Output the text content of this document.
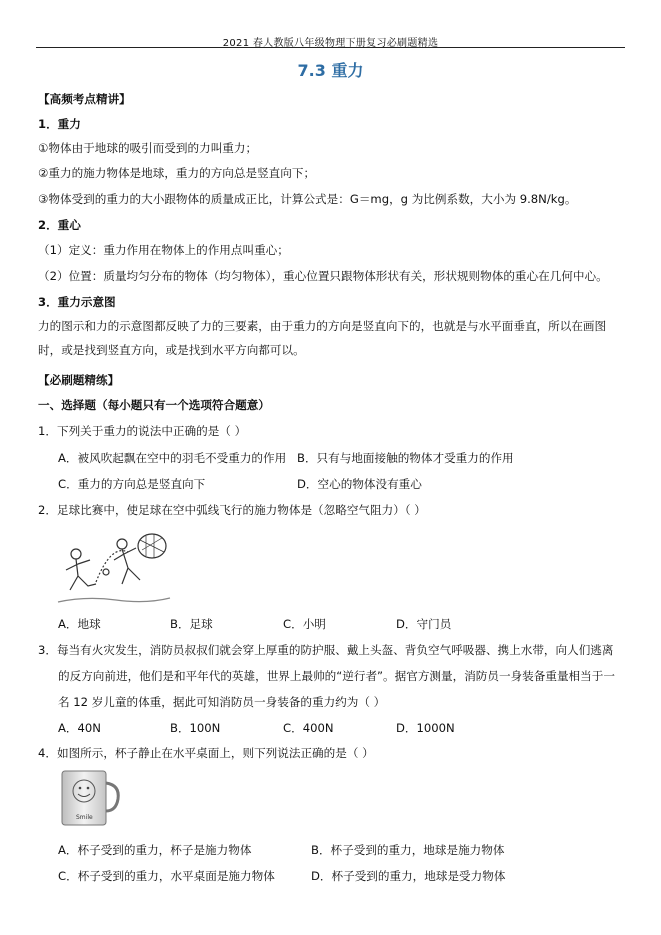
2021 春人教版八年级物理下册复习必刷题精选
7.3 重力
【高频考点精讲】
1．重力
①物体由于地球的吸引而受到的力叫重力；
②重力的施力物体是地球，重力的方向总是竖直向下；
③物体受到的重力的大小跟物体的质量成正比，计算公式是：G＝mg，g 为比例系数，大小为 9.8N/kg。
2．重心
（1）定义：重力作用在物体上的作用点叫重心；
（2）位置：质量均匀分布的物体（均匀物体），重心位置只跟物体形状有关，形状规则物体的重心在几何中心。
3．重力示意图
力的图示和力的示意图都反映了力的三要素，由于重力的方向是竖直向下的，也就是与水平面垂直，所以在画图时，或是找到竖直方向，或是找到水平方向都可以。
【必刷题精练】
一、选择题（每小题只有一个选项符合题意）
1．下列关于重力的说法中正确的是（ ）
A．被风吹起飘在空中的羽毛不受重力的作用 B．只有与地面接触的物体才受重力的作用
C．重力的方向总是竖直向下	D．空心的物体没有重心
2．足球比赛中，使足球在空中弧线飞行的施力物体是（忽略空气阻力）（ ）
A．地球	B．足球	C．小明	D．守门员
3．每当有火灾发生，消防员叔叔们就会穿上厚重的防护服、戴上头盔、背负空气呼吸器、携上水带，向人们逃离
的反方向前进，他们是和平年代的英雄，世界上最帅的“逆行者”。据官方测量，消防员一身装备重量相当于一
名 12 岁儿童的体重，据此可知消防员一身装备的重力约为（ ）
A．40N	B．100N	C．400N	D．1000N
4．如图所示，杯子静止在水平桌面上，则下列说法正确的是（ ）
Smile
A．杯子受到的重力，杯子是施力物体	B．杯子受到的重力，地球是施力物体
C．杯子受到的重力，水平桌面是施力物体	D．杯子受到的重力，地球是受力物体
